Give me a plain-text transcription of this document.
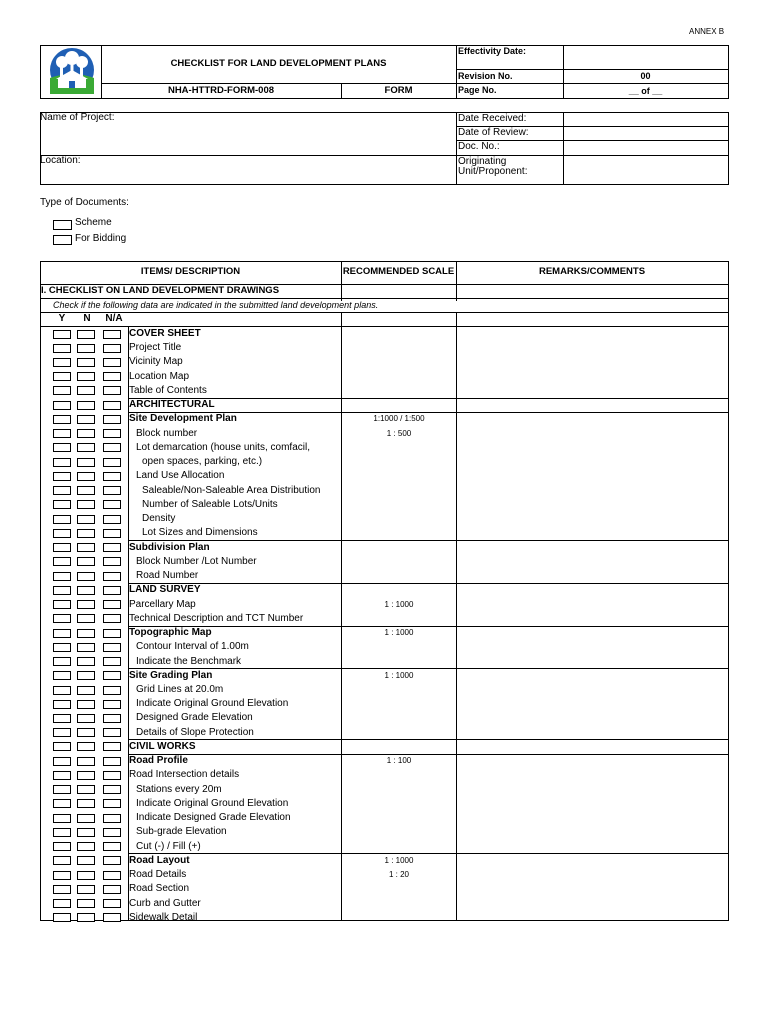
ANNEX B
CHECKLIST FOR LAND DEVELOPMENT PLANS
NHA-HTTRD-FORM-008	FORM
Effectivity Date:
Revision No.	00
Page No.	__ of __
Name of Project:
Location:
Date Received:
Date of Review:
Doc. No.:
Originating
Unit/Proponent:
Type of Documents:
Scheme
For Bidding
ITEMS/ DESCRIPTION	RECOMMENDED SCALE	REMARKS/COMMENTS
I. CHECKLIST ON LAND DEVELOPMENT DRAWINGS
Check if the following data are indicated in the submitted land development plans.
Y	N	N/A
COVER SHEET
Project Title
Vicinity Map
Location Map
Table of Contents
ARCHITECTURAL
Site Development Plan	1:1000 / 1:500
Block number	1 : 500
Lot demarcation (house units, comfacil,
open spaces, parking, etc.)
Land Use Allocation
Saleable/Non-Saleable Area Distribution
Number of Saleable Lots/Units
Density
Lot Sizes and Dimensions
Subdivision Plan
Block Number /Lot Number
Road Number
LAND SURVEY
Parcellary Map	1 : 1000
Technical Description and TCT Number
Topographic Map	1 : 1000
Contour Interval of 1.00m
Indicate the Benchmark
Site Grading Plan	1 : 1000
Grid Lines at 20.0m
Indicate Original Ground Elevation
Designed Grade Elevation
Details of Slope Protection
CIVIL WORKS
Road Profile	1 : 100
Road Intersection details
Stations every 20m
Indicate Original Ground Elevation
Indicate Designed Grade Elevation
Sub-grade Elevation
Cut (-) / Fill (+)
Road Layout	1 : 1000
Road Details	1 : 20
Road Section
Curb and Gutter
Sidewalk Detail
